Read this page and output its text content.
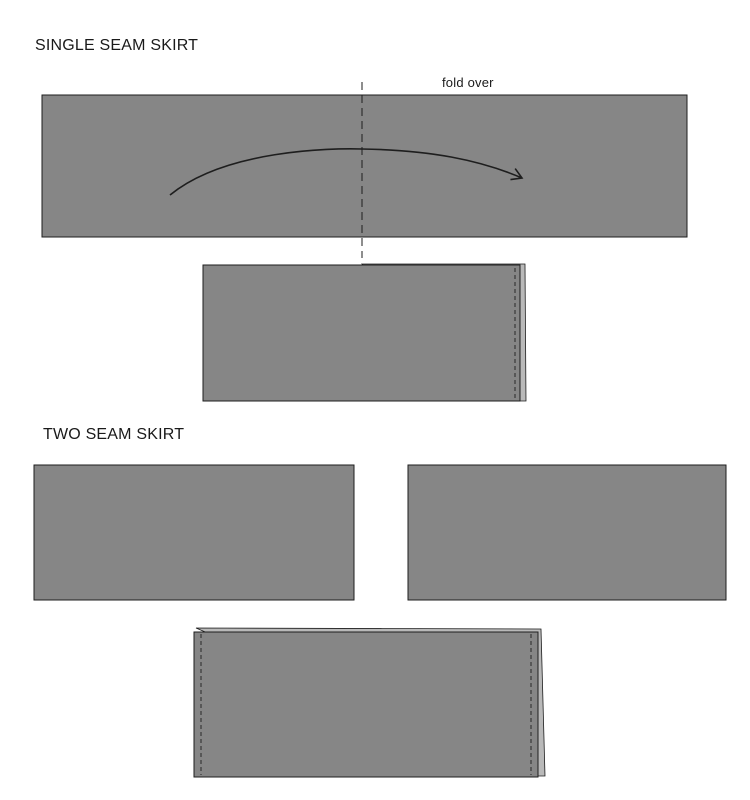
SINGLE SEAM SKIRT
fold over
TWO SEAM SKIRT
